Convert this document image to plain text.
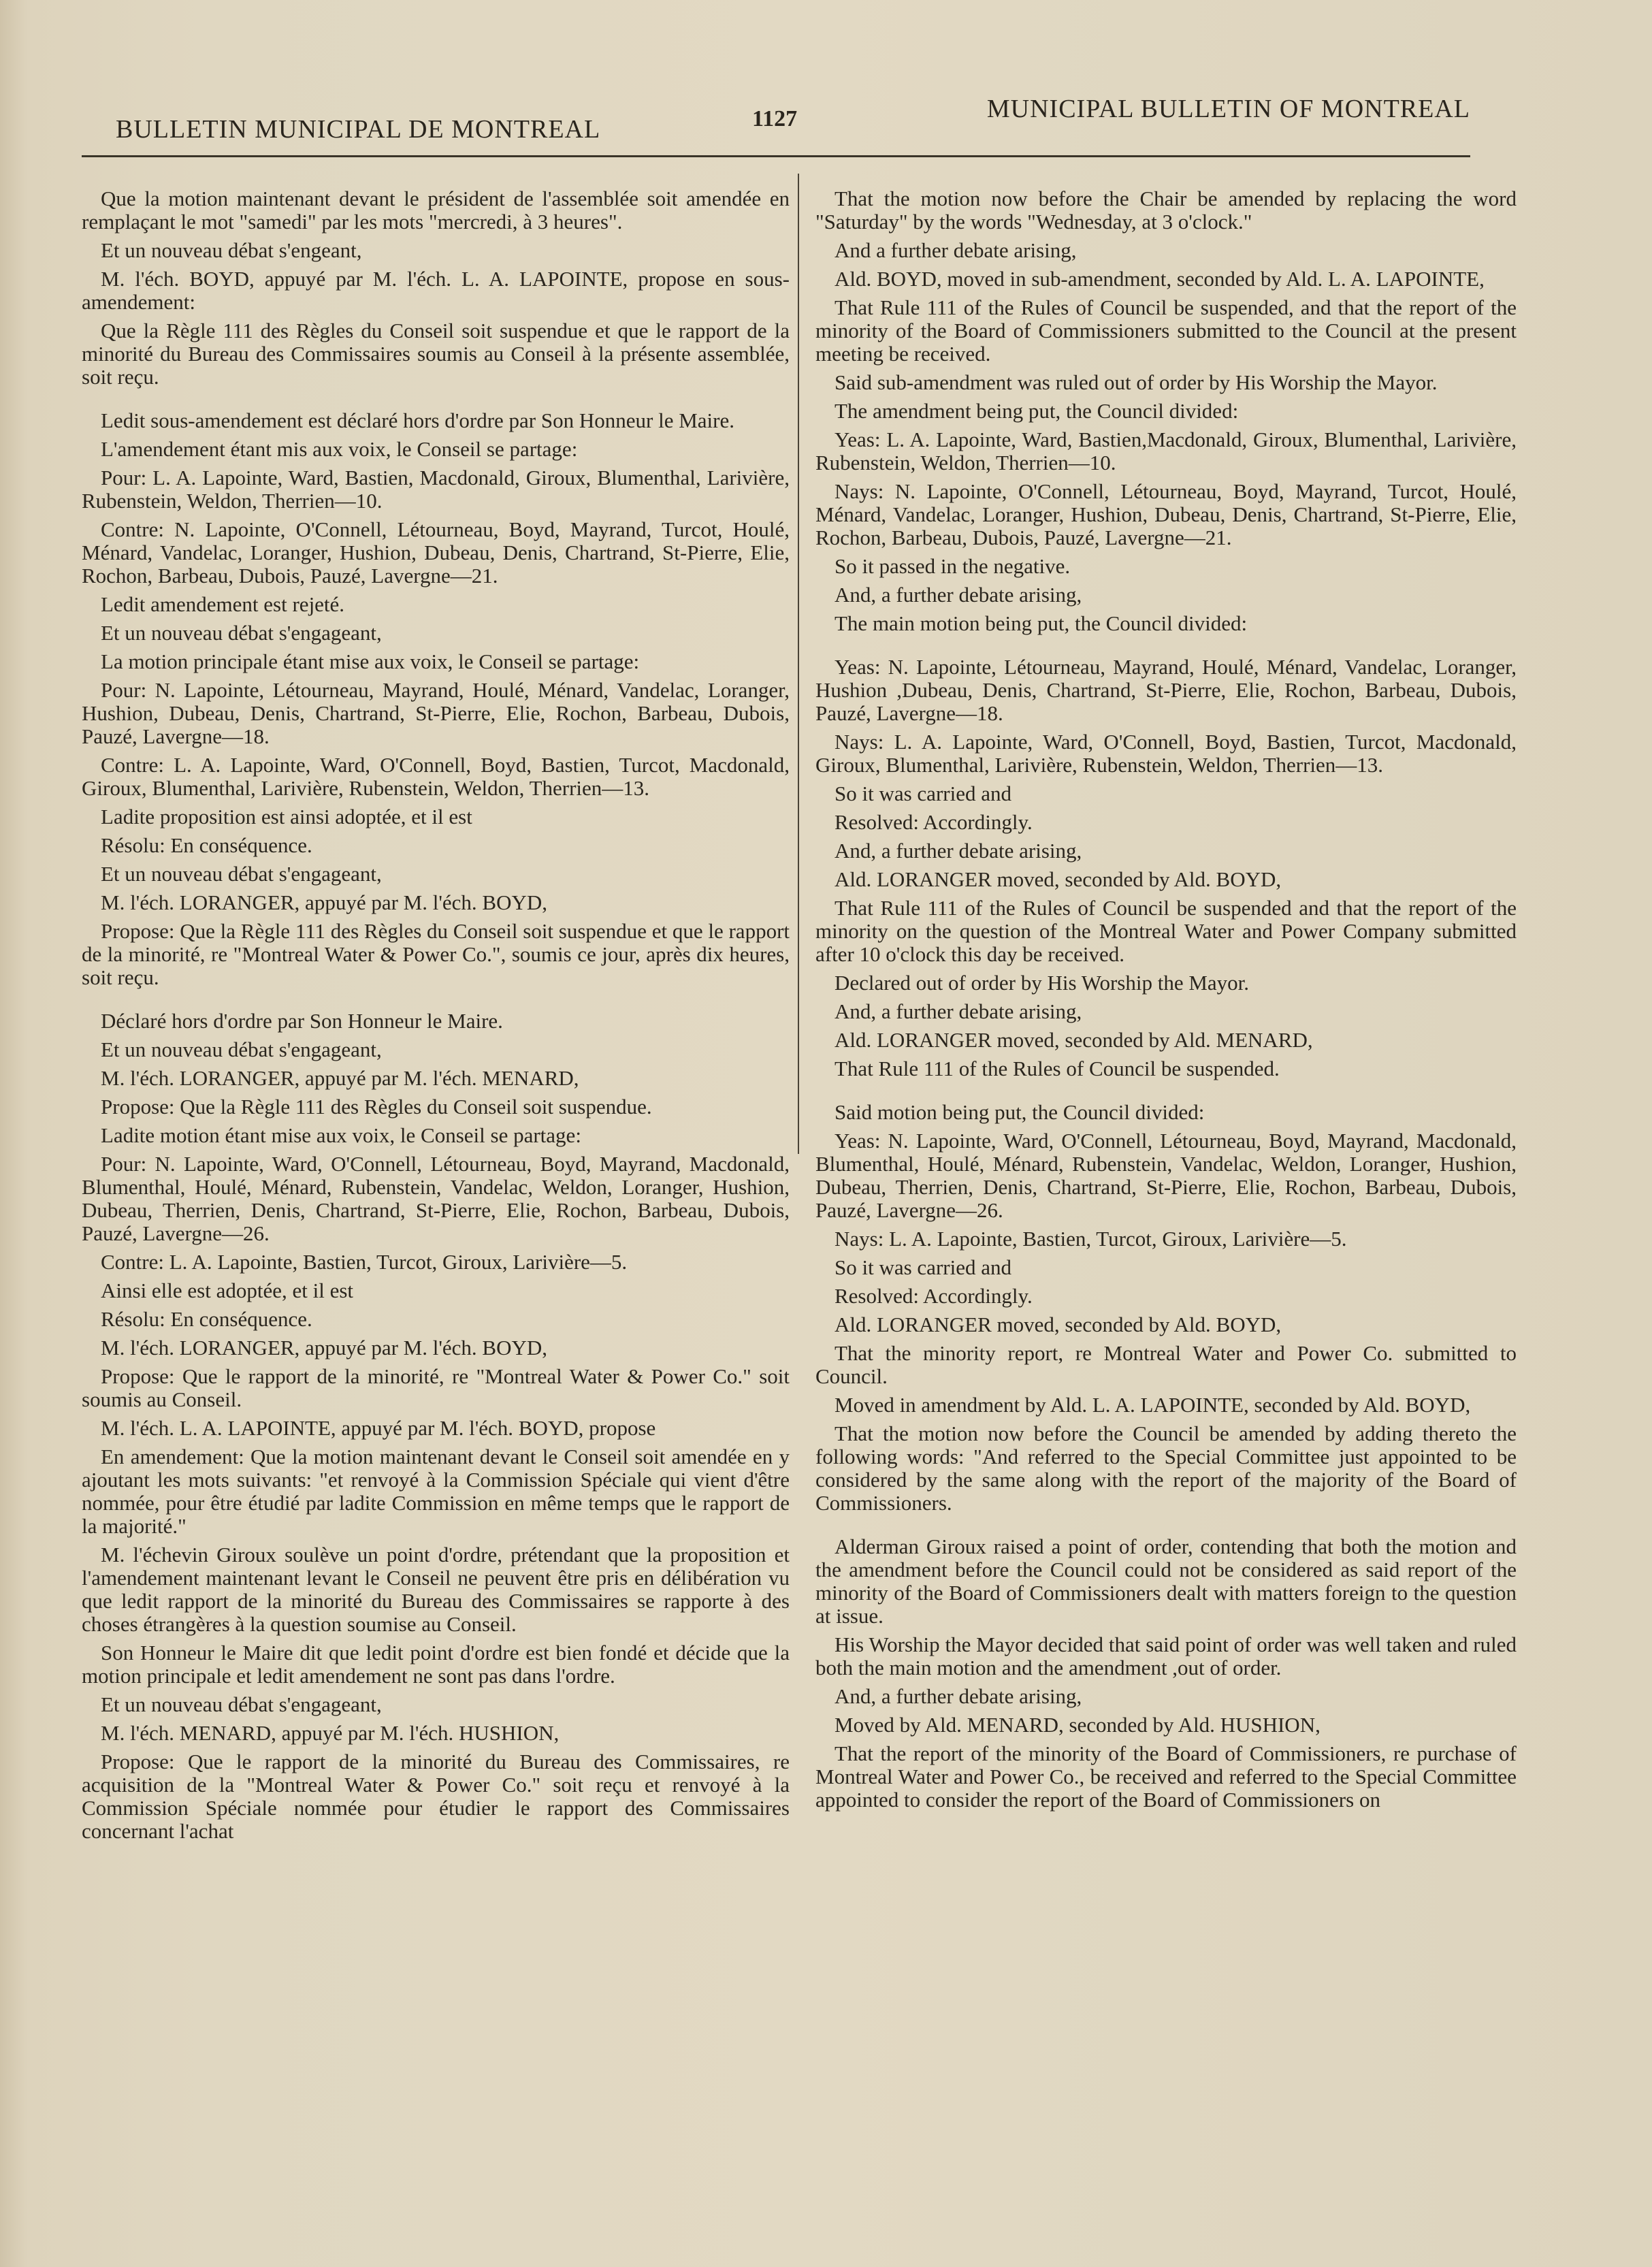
BULLETIN MUNICIPAL DE MONTREAL	1127	MUNICIPAL BULLETIN OF MONTREAL

Que la motion maintenant devant le président de l'assemblée soit amendée en remplaçant le mot "samedi" par les mots "mercredi, à 3 heures".

Et un nouveau débat s'engeant,

M. l'éch. BOYD, appuyé par M. l'éch. L. A. LAPOINTE, propose en sous-amendement:

Que la Règle 111 des Règles du Conseil soit suspendue et que le rapport de la minorité du Bureau des Commissaires soumis au Conseil à la présente assemblée, soit reçu.

Ledit sous-amendement est déclaré hors d'ordre par Son Honneur le Maire.

L'amendement étant mis aux voix, le Conseil se partage:

Pour: L. A. Lapointe, Ward, Bastien, Macdonald, Giroux, Blumenthal, Larivière, Rubenstein, Weldon, Therrien—10.

Contre: N. Lapointe, O'Connell, Létourneau, Boyd, Mayrand, Turcot, Houlé, Ménard, Vandelac, Loranger, Hushion, Dubeau, Denis, Chartrand, St-Pierre, Elie, Rochon, Barbeau, Dubois, Pauzé, Lavergne—21.

Ledit amendement est rejeté.

Et un nouveau débat s'engageant,

La motion principale étant mise aux voix, le Conseil se partage:

Pour: N. Lapointe, Létourneau, Mayrand, Houlé, Ménard, Vandelac, Loranger, Hushion, Dubeau, Denis, Chartrand, St-Pierre, Elie, Rochon, Barbeau, Dubois, Pauzé, Lavergne—18.

Contre: L. A. Lapointe, Ward, O'Connell, Boyd, Bastien, Turcot, Macdonald, Giroux, Blumenthal, Larivière, Rubenstein, Weldon, Therrien—13.

Ladite proposition est ainsi adoptée, et il est

Résolu: En conséquence.

Et un nouveau débat s'engageant,

M. l'éch. LORANGER, appuyé par M. l'éch. BOYD,

Propose: Que la Règle 111 des Règles du Conseil soit suspendue et que le rapport de la minorité, re "Montreal Water & Power Co.", soumis ce jour, après dix heures, soit reçu.

Déclaré hors d'ordre par Son Honneur le Maire.

Et un nouveau débat s'engageant,

M. l'éch. LORANGER, appuyé par M. l'éch. MENARD,

Propose: Que la Règle 111 des Règles du Conseil soit suspendue.

Ladite motion étant mise aux voix, le Conseil se partage:

Pour: N. Lapointe, Ward, O'Connell, Létourneau, Boyd, Mayrand, Macdonald, Blumenthal, Houlé, Ménard, Rubenstein, Vandelac, Weldon, Loranger, Hushion, Dubeau, Therrien, Denis, Chartrand, St-Pierre, Elie, Rochon, Barbeau, Dubois, Pauzé, Lavergne—26.

Contre: L. A. Lapointe, Bastien, Turcot, Giroux, Larivière—5.

Ainsi elle est adoptée, et il est

Résolu: En conséquence.

M. l'éch. LORANGER, appuyé par M. l'éch. BOYD,

Propose: Que le rapport de la minorité, re "Montreal Water & Power Co." soit soumis au Conseil.

M. l'éch. L. A. LAPOINTE, appuyé par M. l'éch. BOYD, propose

En amendement: Que la motion maintenant devant le Conseil soit amendée en y ajoutant les mots suivants: "et renvoyé à la Commission Spéciale qui vient d'être nommée, pour être étudié par ladite Commission en même temps que le rapport de la majorité."

M. l'échevin Giroux soulève un point d'ordre, prétendant que la proposition et l'amendement maintenant levant le Conseil ne peuvent être pris en délibération vu que ledit rapport de la minorité du Bureau des Commissaires se rapporte à des choses étrangères à la question soumise au Conseil.

Son Honneur le Maire dit que ledit point d'ordre est bien fondé et décide que la motion principale et ledit amendement ne sont pas dans l'ordre.

Et un nouveau débat s'engageant,

M. l'éch. MENARD, appuyé par M. l'éch. HUSHION,

Propose: Que le rapport de la minorité du Bureau des Commissaires, re acquisition de la "Montreal Water & Power Co." soit reçu et renvoyé à la Commission Spéciale nommée pour étudier le rapport des Commissaires concernant l'achat

That the motion now before the Chair be amended by replacing the word "Saturday" by the words "Wednesday, at 3 o'clock."

And a further debate arising,

Ald. BOYD, moved in sub-amendment, seconded by Ald. L. A. LAPOINTE,

That Rule 111 of the Rules of Council be suspended, and that the report of the minority of the Board of Commissioners submitted to the Council at the present meeting be received.

Said sub-amendment was ruled out of order by His Worship the Mayor.

The amendment being put, the Council divided:

Yeas: L. A. Lapointe, Ward, Bastien,Macdonald, Giroux, Blumenthal, Larivière, Rubenstein, Weldon, Therrien—10.

Nays: N. Lapointe, O'Connell, Létourneau, Boyd, Mayrand, Turcot, Houlé, Ménard, Vandelac, Loranger, Hushion, Dubeau, Denis, Chartrand, St-Pierre, Elie, Rochon, Barbeau, Dubois, Pauzé, Lavergne—21.

So it passed in the negative.

And, a further debate arising,

The main motion being put, the Council divided:

Yeas: N. Lapointe, Létourneau, Mayrand, Houlé, Ménard, Vandelac, Loranger, Hushion ,Dubeau, Denis, Chartrand, St-Pierre, Elie, Rochon, Barbeau, Dubois, Pauzé, Lavergne—18.

Nays: L. A. Lapointe, Ward, O'Connell, Boyd, Bastien, Turcot, Macdonald, Giroux, Blumenthal, Larivière, Rubenstein, Weldon, Therrien—13.

So it was carried and

Resolved: Accordingly.

And, a further debate arising,

Ald. LORANGER moved, seconded by Ald. BOYD,

That Rule 111 of the Rules of Council be suspended and that the report of the minority on the question of the Montreal Water and Power Company submitted after 10 o'clock this day be received.

Declared out of order by His Worship the Mayor.

And, a further debate arising,

Ald. LORANGER moved, seconded by Ald. MENARD,

That Rule 111 of the Rules of Council be suspended.

Said motion being put, the Council divided:

Yeas: N. Lapointe, Ward, O'Connell, Létourneau, Boyd, Mayrand, Macdonald, Blumenthal, Houlé, Ménard, Rubenstein, Vandelac, Weldon, Loranger, Hushion, Dubeau, Therrien, Denis, Chartrand, St-Pierre, Elie, Rochon, Barbeau, Dubois, Pauzé, Lavergne—26.

Nays: L. A. Lapointe, Bastien, Turcot, Giroux, Larivière—5.

So it was carried and

Resolved: Accordingly.

Ald. LORANGER moved, seconded by Ald. BOYD,

That the minority report, re Montreal Water and Power Co. submitted to Council.

Moved in amendment by Ald. L. A. LAPOINTE, seconded by Ald. BOYD,

That the motion now before the Council be amended by adding thereto the following words: "And referred to the Special Committee just appointed to be considered by the same along with the report of the majority of the Board of Commissioners.

Alderman Giroux raised a point of order, contending that both the motion and the amendment before the Council could not be considered as said report of the minority of the Board of Commissioners dealt with matters foreign to the question at issue.

His Worship the Mayor decided that said point of order was well taken and ruled both the main motion and the amendment ,out of order.

And, a further debate arising,

Moved by Ald. MENARD, seconded by Ald. HUSHION,

That the report of the minority of the Board of Commissioners, re purchase of Montreal Water and Power Co., be received and referred to the Special Committee appointed to consider the report of the Board of Commissioners on
